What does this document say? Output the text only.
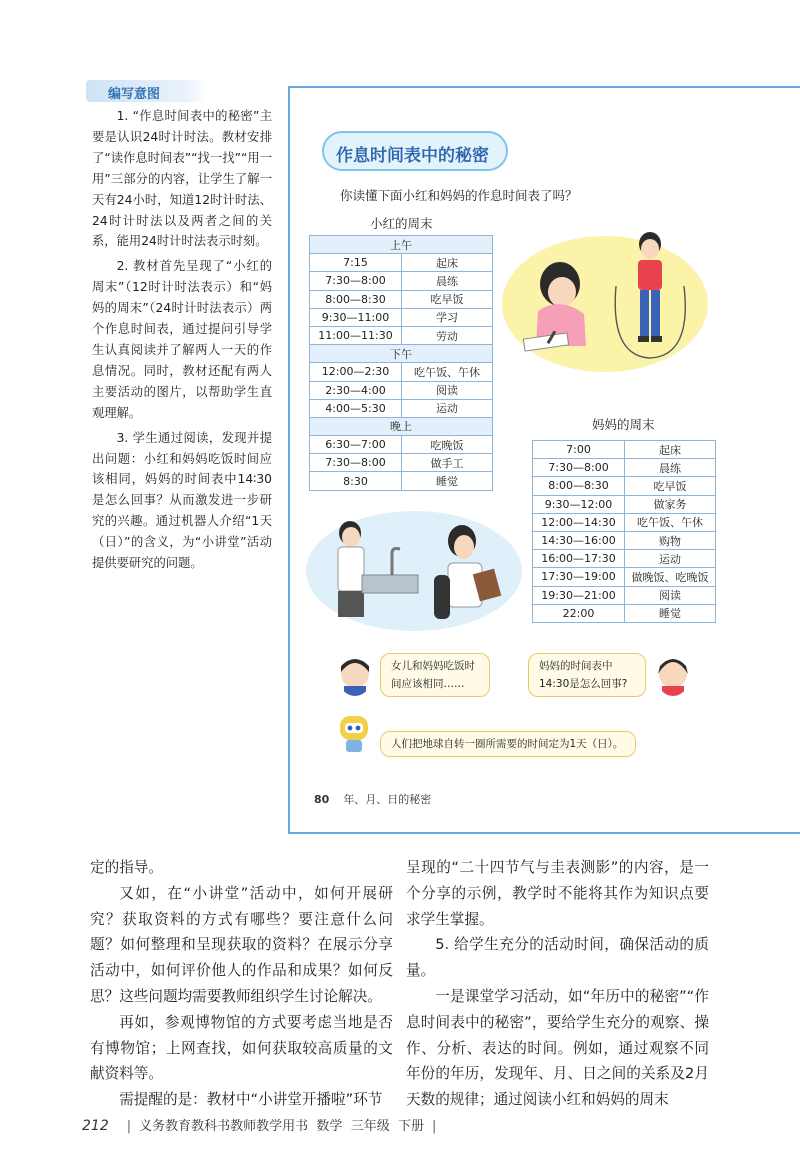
编写意图

1. “作息时间表中的秘密”主要是认识24时计时法。教材安排了“读作息时间表”“找一找”“用一用”三部分的内容，让学生了解一天有24小时，知道12时计时法、24时计时法以及两者之间的关系，能用24时计时法表示时刻。

2. 教材首先呈现了“小红的周末”（12时计时法表示）和“妈妈的周末”（24时计时法表示）两个作息时间表，通过提问引导学生认真阅读并了解两人一天的作息情况。同时，教材还配有两人主要活动的图片，以帮助学生直观理解。

3. 学生通过阅读，发现并提出问题：小红和妈妈吃饭时间应该相同，妈妈的时间表中14∶30是怎么回事？从而激发进一步研究的兴趣。通过机器人介绍“1天（日）”的含义，为“小讲堂”活动提供要研究的问题。

作息时间表中的秘密
你读懂下面小红和妈妈的作息时间表了吗？
小红的周末
上午	
7:15	起床
7:30—8:00	晨练
8:00—8:30	吃早饭
9:30—11:00	学习
11:00—11:30	劳动
下午	
12:00—2:30	吃午饭、午休
2:30—4:00	阅读
4:00—5:30	运动
晚上	
6:30—7:00	吃晚饭
7:30—8:00	做手工
8:30	睡觉
妈妈的周末
7:00	起床
7:30—8:00	晨练
8:00—8:30	吃早饭
9:30—12:00	做家务
12:00—14:30	吃午饭、午休
14:30—16:00	购物
16:00—17:30	运动
17:30—19:00	做晚饭、吃晚饭
19:30—21:00	阅读
22:00	睡觉
女儿和妈妈吃饭时间应该相同……
妈妈的时间表中14:30是怎么回事?
人们把地球自转一圈所需要的时间定为1天（日）。
80 年、月、日的秘密

定的指导。

又如，在“小讲堂”活动中，如何开展研究？获取资料的方式有哪些？要注意什么问题？如何整理和呈现获取的资料？在展示分享活动中，如何评价他人的作品和成果？如何反思？这些问题均需要教师组织学生讨论解决。

再如，参观博物馆的方式要考虑当地是否有博物馆；上网查找，如何获取较高质量的文献资料等。

需提醒的是：教材中“小讲堂开播啦”环节

呈现的“二十四节气与圭表测影”的内容，是一个分享的示例，教学时不能将其作为知识点要求学生掌握。

5. 给学生充分的活动时间，确保活动的质量。

一是课堂学习活动，如“年历中的秘密”“作息时间表中的秘密”，要给学生充分的观察、操作、分析、表达的时间。例如，通过观察不同年份的年历，发现年、月、日之间的关系及2月天数的规律；通过阅读小红和妈妈的周末

212 | 义务教育教科书教师教学用书 数学 三年级 下册 |
